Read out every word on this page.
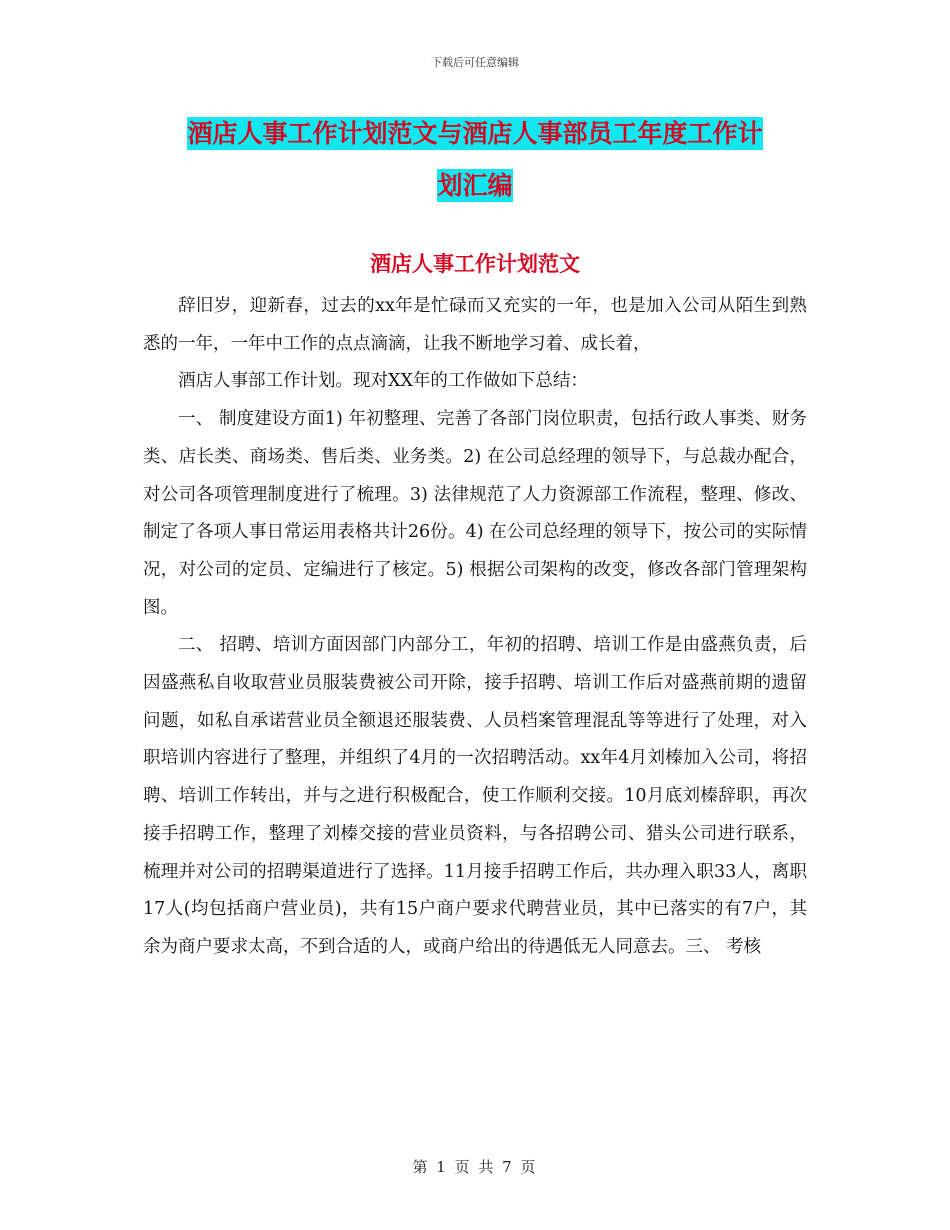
下载后可任意编辑
酒店人事工作计划范文与酒店人事部员工年度工作计
划汇编
酒店人事工作计划范文

辞旧岁，迎新春，过去的xx年是忙碌而又充实的一年，也是加入公司从陌生到熟悉的一年，一年中工作的点点滴滴，让我不断地学习着、成长着，

酒店人事部工作计划。现对XX年的工作做如下总结：

一、 制度建设方面1) 年初整理、完善了各部门岗位职责，包括行政人事类、财务类、店长类、商场类、售后类、业务类。2) 在公司总经理的领导下，与总裁办配合，对公司各项管理制度进行了梳理。3) 法律规范了人力资源部工作流程，整理、修改、制定了各项人事日常运用表格共计26份。4) 在公司总经理的领导下，按公司的实际情况，对公司的定员、定编进行了核定。5) 根据公司架构的改变，修改各部门管理架构图。

二、 招聘、培训方面因部门内部分工，年初的招聘、培训工作是由盛燕负责，后因盛燕私自收取营业员服装费被公司开除，接手招聘、培训工作后对盛燕前期的遗留问题，如私自承诺营业员全额退还服装费、人员档案管理混乱等等进行了处理，对入职培训内容进行了整理，并组织了4月的一次招聘活动。xx年4月刘榛加入公司，将招聘、培训工作转出，并与之进行积极配合，使工作顺利交接。10月底刘榛辞职，再次接手招聘工作，整理了刘榛交接的营业员资料，与各招聘公司、猎头公司进行联系，梳理并对公司的招聘渠道进行了选择。11月接手招聘工作后，共办理入职33人，离职17人(均包括商户营业员)，共有15户商户要求代聘营业员，其中已落实的有7户，其余为商户要求太高，不到合适的人，或商户给出的待遇低无人同意去。三、 考核

第 1 页 共 7 页
